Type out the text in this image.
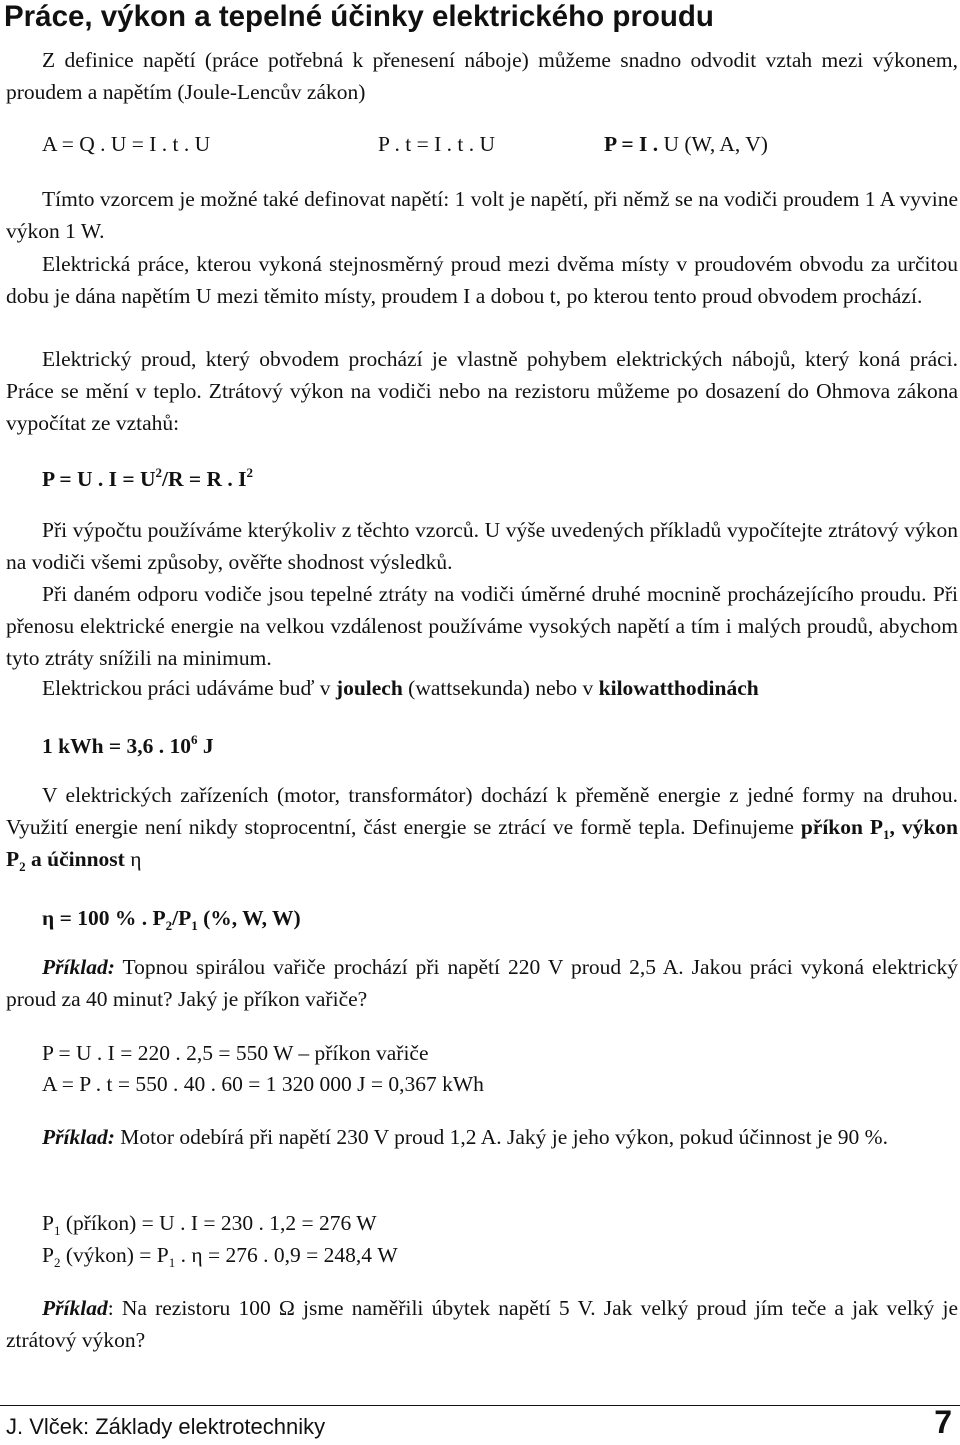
Práce, výkon a tepelné účinky elektrického proudu

Z definice napětí (práce potřebná k přenesení náboje) můžeme snadno odvodit vztah mezi výkonem, proudem a napětím (Joule-Lencův zákon)

A = Q . U = I . t . U	P . t = I . t . U	P = I . U (W, A, V)

Tímto vzorcem je možné také definovat napětí: 1 volt je napětí, při němž se na vodiči proudem 1 A vyvine výkon 1 W.

Elektrická práce, kterou vykoná stejnosměrný proud mezi dvěma místy v proudovém obvodu za určitou dobu je dána napětím U mezi těmito místy, proudem I a dobou t, po kterou tento proud obvodem prochází.

Elektrický proud, který obvodem prochází je vlastně pohybem elektrických nábojů, který koná práci. Práce se mění v teplo. Ztrátový výkon na vodiči nebo na rezistoru můžeme po dosazení do Ohmova zákona vypočítat ze vztahů:

P = U . $I = U^2/R = R$ . $I^2$

Při výpočtu používáme kterýkoliv z těchto vzorců. U výše uvedených příkladů vypočítejte ztrátový výkon na vodiči všemi způsoby, ověřte shodnost výsledků.

Při daném odporu vodiče jsou tepelné ztráty na vodiči úměrné druhé mocnině procházejícího proudu. Při přenosu elektrické energie na velkou vzdálenost používáme vysokých napětí a tím i malých proudů, abychom tyto ztráty snížili na minimum.

Elektrickou práci udáváme buď v joulech (wattsekunda) nebo v kilowatthodinách

1 kWh = 3,6 . $10^6$ J

V elektrických zařízeních (motor, transformátor) dochází k přeměně energie z jedné formy na druhou. Využití energie není nikdy stoprocentní, část energie se ztrácí ve formě tepla. Definujeme příkon $P_1$, výkon $P_2$ a účinnost η

η = 100 % . $P_2/P_1$ (%, W, W)

Příklad: Topnou spirálou vařiče prochází při napětí 220 V proud 2,5 A. Jakou práci vykoná elektrický proud za 40 minut? Jaký je příkon vařiče?

P = U . I = 220 . 2,5 = 550 W – příkon vařiče
A = P . t = 550 . 40 . 60 = 1 320 000 J = 0,367 kWh

Příklad: Motor odebírá při napětí 230 V proud 1,2 A. Jaký je jeho výkon, pokud účinnost je 90 %.

$P_1$ (příkon) = U . I = 230 . 1,2 = 276 W
$P_2$ (výkon) = $P_1$ . η = 276 . 0,9 = 248,4 W

Příklad: Na rezistoru 100 Ω jsme naměřili úbytek napětí 5 V. Jak velký proud jím teče a jak velký je ztrátový výkon?

J. Vlček: Základy elektrotechniky	7
